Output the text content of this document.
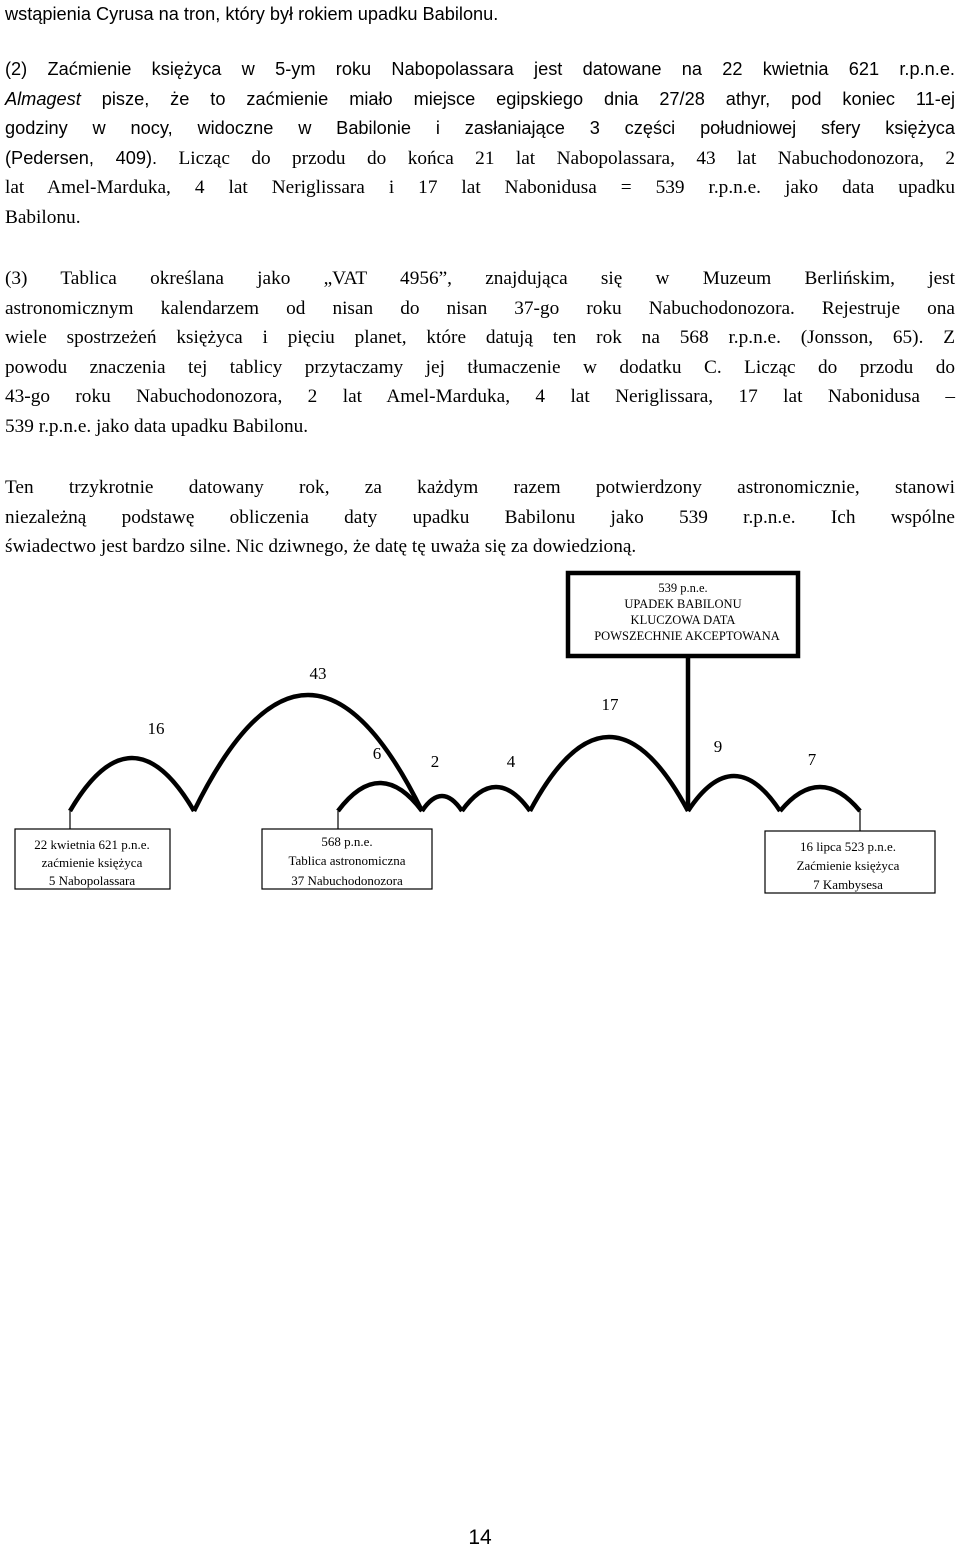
wstąpienia Cyrusa na tron, który był rokiem upadku Babilonu.

(2) Zaćmienie księżyca w 5-ym roku Nabopolassara jest datowane na 22 kwietnia 621 r.p.n.e.
Almagest pisze, że to zaćmienie miało miejsce egipskiego dnia 27/28 athyr, pod koniec 11-ej
godziny w nocy, widoczne w Babilonie i zasłaniające 3 części południowej sfery księżyca
(Pedersen, 409). Licząc do przodu do końca 21 lat Nabopolassara, 43 lat Nabuchodonozora, 2
lat Amel-Marduka, 4 lat Neriglissara i 17 lat Nabonidusa = 539 r.p.n.e. jako data upadku
Babilonu.
(3) Tablica określana jako „VAT 4956”, znajdująca się w Muzeum Berlińskim, jest
astronomicznym kalendarzem od nisan do nisan 37-go roku Nabuchodonozora. Rejestruje ona
wiele spostrzeżeń księżyca i pięciu planet, które datują ten rok na 568 r.p.n.e. (Jonsson, 65). Z
powodu znaczenia tej tablicy przytaczamy jej tłumaczenie w dodatku C. Licząc do przodu do
43-go roku Nabuchodonozora, 2 lat Amel-Marduka, 4 lat Neriglissara, 17 lat Nabonidusa –
539 r.p.n.e. jako data upadku Babilonu.
Ten trzykrotnie datowany rok, za każdym razem potwierdzony astronomicznie, stanowi
niezależną podstawę obliczenia daty upadku Babilonu jako 539 r.p.n.e. Ich wspólne
świadectwo jest bardzo silne. Nic dziwnego, że datę tę uważa się za dowiedzioną.
539 p.n.e.
UPADEK BABILONU
KLUCZOWA DATA
POWSZECHNIE AKCEPTOWANA
16
43
6	2	4
17
9
7
22 kwietnia 621 p.n.e.
zaćmienie księżyca
5 Nabopolassara
568 p.n.e.
Tablica astronomiczna
37 Nabuchodonozora
16 lipca 523 p.n.e.
Zaćmienie księżyca
7 Kambysesa
14
